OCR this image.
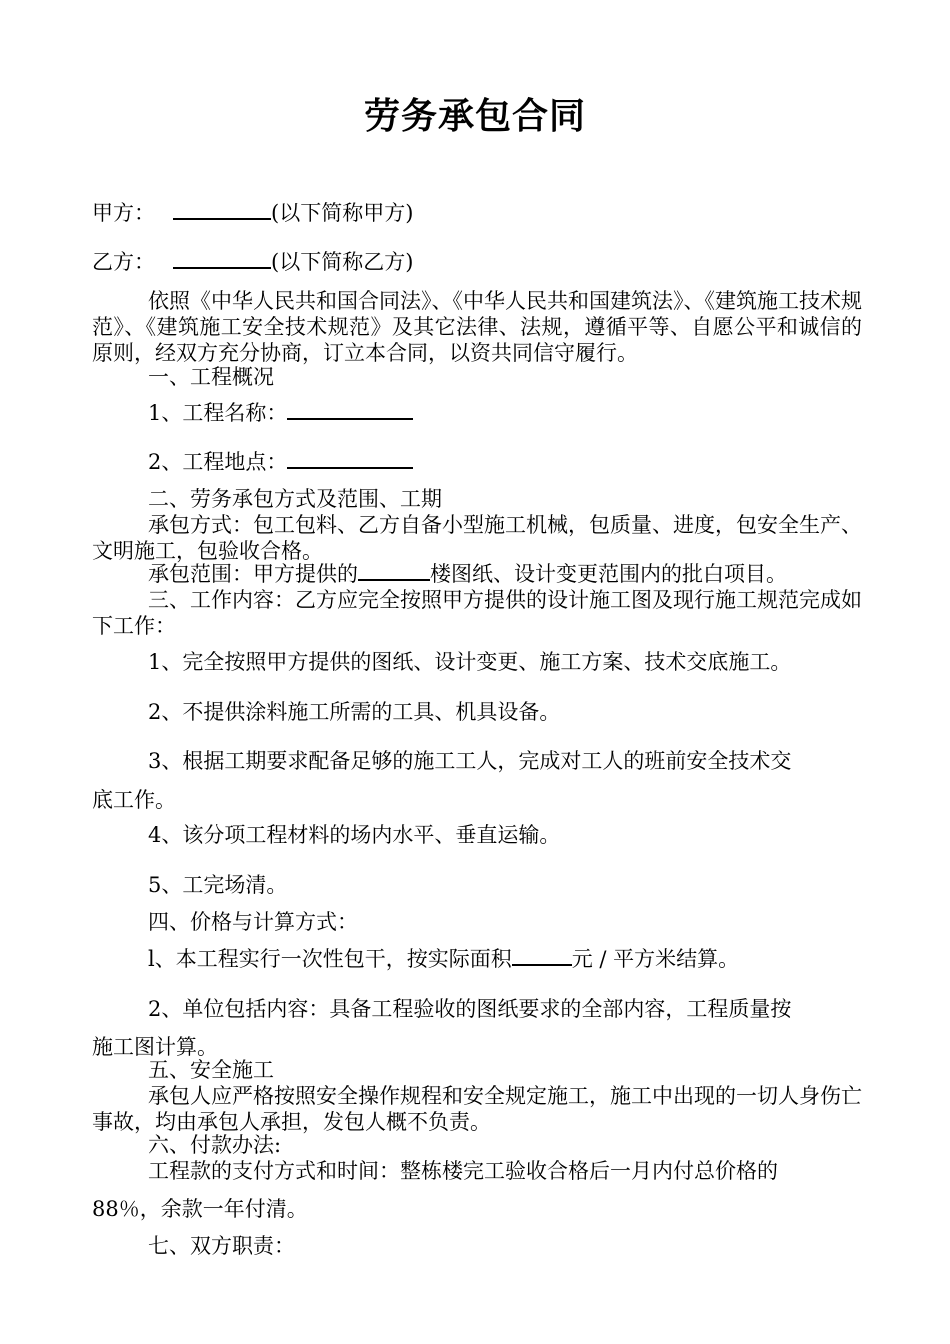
劳务承包合同
甲方：	(以下简称甲方)
乙方：	(以下简称乙方)
依照《中华人民共和国合同法》、《中华人民共和国建筑法》、《建筑施工技术规范》、《建筑施工安全技术规范》及其它法律、法规，遵循平等、自愿公平和诚信的原则，经双方充分协商，订立本合同，以资共同信守履行。
一、工程概况
1、工程名称：
2、工程地点：
二、劳务承包方式及范围、工期
承包方式：包工包料、乙方自备小型施工机械，包质量、进度，包安全生产、文明施工，包验收合格。
承包范围：甲方提供的	楼图纸、设计变更范围内的批白项目。
三、工作内容：乙方应完全按照甲方提供的设计施工图及现行施工规范完成如下工作：
1、完全按照甲方提供的图纸、设计变更、施工方案、技术交底施工。
2、不提供涂料施工所需的工具、机具设备。
3、根据工期要求配备足够的施工工人，完成对工人的班前安全技术交
底工作。
4、该分项工程材料的场内水平、垂直运输。
5、工完场清。
四、价格与计算方式：
l、本工程实行一次性包干，按实际面积	元 / 平方米结算。
2、单位包括内容：具备工程验收的图纸要求的全部内容，工程质量按
施工图计算。
五、安全施工
承包人应严格按照安全操作规程和安全规定施工，施工中出现的一切人身伤亡事故，均由承包人承担，发包人概不负责。
六、付款办法:
工程款的支付方式和时间：整栋楼完工验收合格后一月内付总价格的
88％，余款一年付清。
七、双方职责：
